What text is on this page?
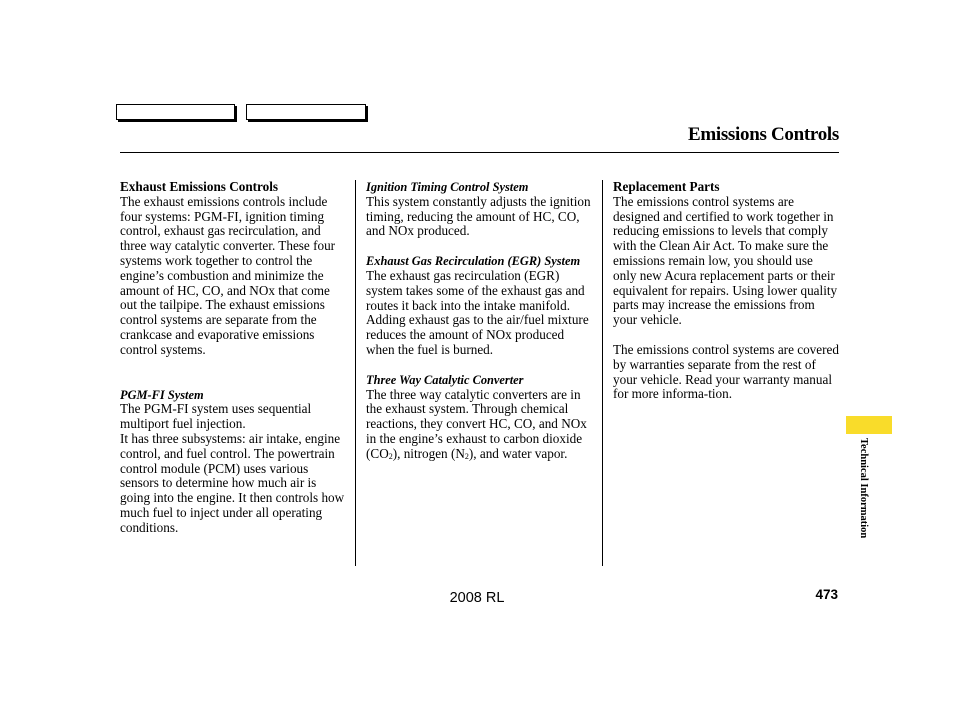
Emissions Controls

Exhaust Emissions Controls

The exhaust emissions controls include four systems: PGM-FI, ignition timing control, exhaust gas recirculation, and three way catalytic converter. These four systems work together to control the engine’s combustion and minimize the amount of HC, CO, and NOx that come out the tailpipe. The exhaust emissions control systems are separate from the crankcase and evaporative emissions control systems.

PGM-FI System

The PGM-FI system uses sequential multiport fuel injection.

It has three subsystems: air intake, engine control, and fuel control. The powertrain control module (PCM) uses various sensors to determine how much air is going into the engine. It then controls how much fuel to inject under all operating conditions.

Ignition Timing Control System

This system constantly adjusts the ignition timing, reducing the amount of HC, CO, and NOx produced.

Exhaust Gas Recirculation (EGR) System

The exhaust gas recirculation (EGR) system takes some of the exhaust gas and routes it back into the intake manifold. Adding exhaust gas to the air/fuel mixture reduces the amount of NOx produced when the fuel is burned.

Three Way Catalytic Converter

The three way catalytic converters are in the exhaust system. Through chemical reactions, they convert HC, CO, and NOx in the engine’s exhaust to carbon dioxide $(CO_2)$, nitrogen $(N_2)$, and water vapor.

Replacement Parts

The emissions control systems are designed and certified to work together in reducing emissions to levels that comply with the Clean Air Act. To make sure the emissions remain low, you should use only new Acura replacement parts or their equivalent for repairs. Using lower quality parts may increase the emissions from your vehicle.

The emissions control systems are covered by warranties separate from the rest of your vehicle. Read your warranty manual for more informa-tion.

Technical Information
2008 RL	473
